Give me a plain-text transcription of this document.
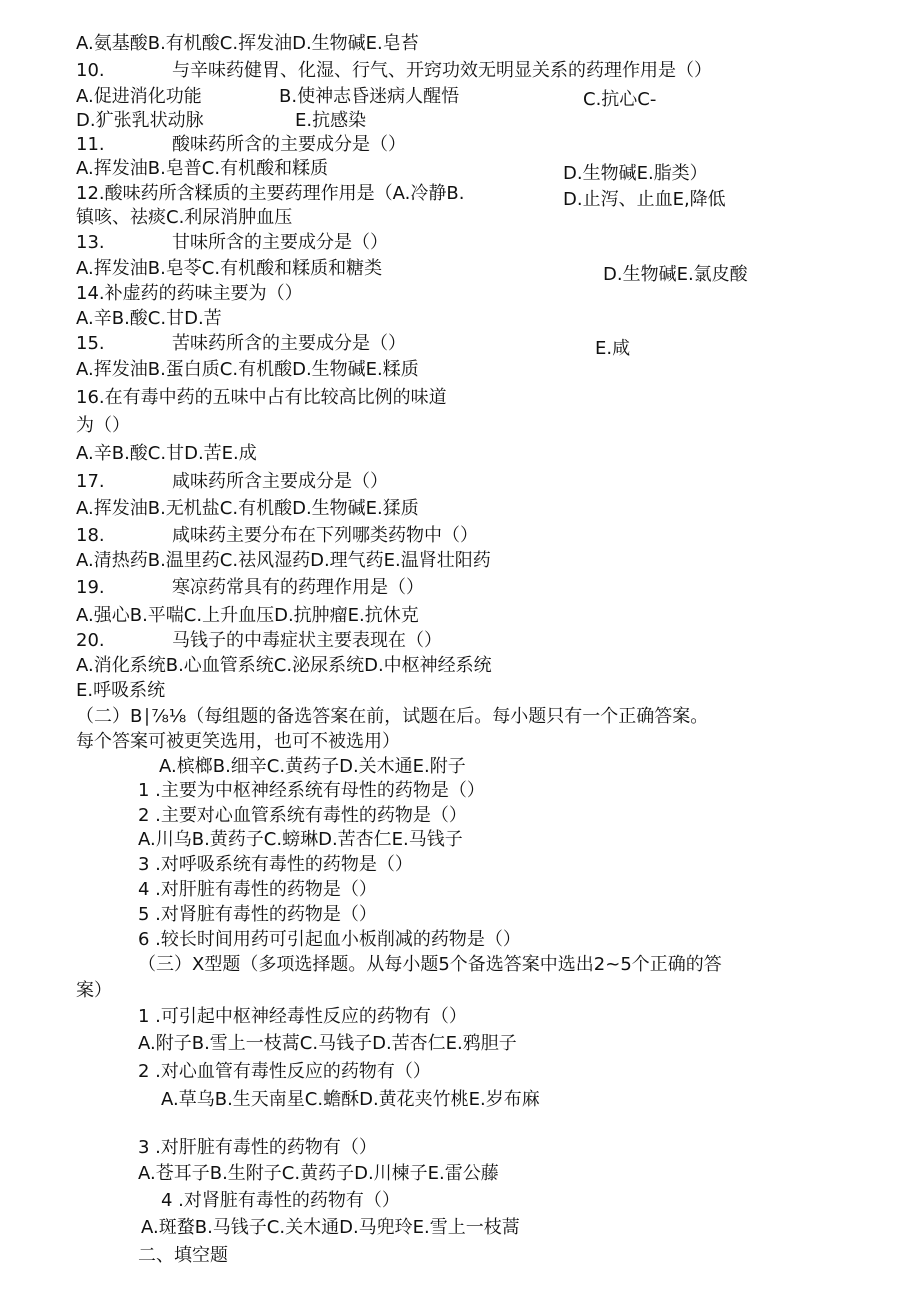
A.氨基酸B.有机酸C.挥发油D.生物碱E.皂苔
10.	与辛味药健胃、化湿、行气、开窍功效无明显关系的药理作用是（）
A.促进消化功能	B.使神志昏迷病人醒悟	C.抗心C-
D.犷张乳状动脉	E.抗感染
11.	酸味药所含的主要成分是（）
A.挥发油B.皂普C.有机酸和糅质	D.生物碱E.脂类）
12.酸味药所含糅质的主要药理作用是（A.冷静B.	D.止泻、止血E,降低
镇咳、祛痰C.利尿消肿血压
13.	甘味所含的主要成分是（）
A.挥发油B.皂苓C.有机酸和糅质和糖类	D.生物碱E.氯皮酸
14.补虚药的药味主要为（）
A.辛B.酸C.甘D.苦
15.	苦味药所含的主要成分是（）	E.咸
A.挥发油B.蛋白质C.有机酸D.生物碱E.糅质
16.在有毒中药的五味中占有比较高比例的味道
为（）
A.辛B.酸C.甘D.苦E.成
17.	咸味药所含主要成分是（）
A.挥发油B.无机盐C.有机酸D.生物碱E.猱质
18.	咸味药主要分布在下列哪类药物中（）
A.清热药B.温里药C.祛风湿药D.理气药E.温肾壮阳药
19.	寒凉药常具有的药理作用是（）
A.强心B.平喘C.上升血压D.抗肿瘤E.抗休克
20.	马钱子的中毒症状主要表现在（）
A.消化系统B.心血管系统C.泌尿系统D.中枢神经系统
E.呼吸系统
（二）B∣⅞⅛（每组题的备选答案在前，试题在后。每小题只有一个正确答案。
每个答案可被更笑选用，也可不被选用）
A.槟榔B.细辛C.黄药子D.关木通E.附子
1 .主要为中枢神经系统有母性的药物是（）
2 .主要对心血管系统有毒性的药物是（）
A.川乌B.黄药子C.螃琳D.苦杏仁E.马钱子
3 .对呼吸系统有毒性的药物是（）
4 .对肝脏有毒性的药物是（）
5 .对肾脏有毒性的药物是（）
6 .较长时间用药可引起血小板削减的药物是（）
（三）X型题（多项选择题。从每小题5个备选答案中选出2~5个正确的答
案）
1 .可引起中枢神经毒性反应的药物有（）
A.附子B.雪上一枝蒿C.马钱子D.苦杏仁E.鸦胆子
2 .对心血管有毒性反应的药物有（）
A.草乌B.生天南星C.蟾酥D.黄花夹竹桃E.岁布麻
3 .对肝脏有毒性的药物有（）
A.苍耳子B.生附子C.黄药子D.川楝子E.雷公藤
4 .对肾脏有毒性的药物有（）
A.斑蝥B.马钱子C.关木通D.马兜玲E.雪上一枝蒿
二、填空题
